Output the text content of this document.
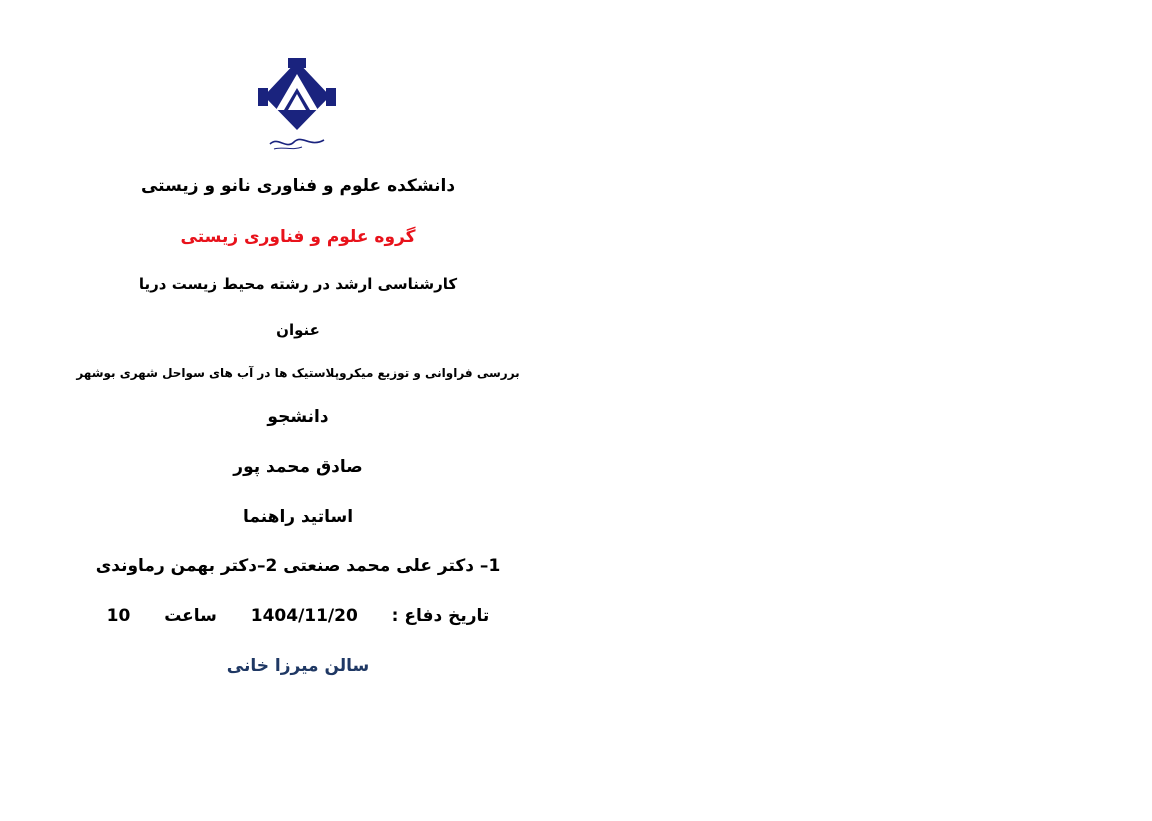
دانشکده علوم و فناوری نانو و زیستی
گروه علوم و فناوری زیستی
کارشناسی ارشد در رشته محیط زیست دریا
عنوان
بررسی فراوانی و توزیع میکروپلاستیک ها در آب های سواحل شهری بوشهر
دانشجو
صادق محمد پور
اساتید راهنما
1– دکتر علی محمد صنعتی 2–دکتر بهمن رماوندی
تاریخ دفاع :  1404/11/20  ساعت  10
سالن میرزا خانی
